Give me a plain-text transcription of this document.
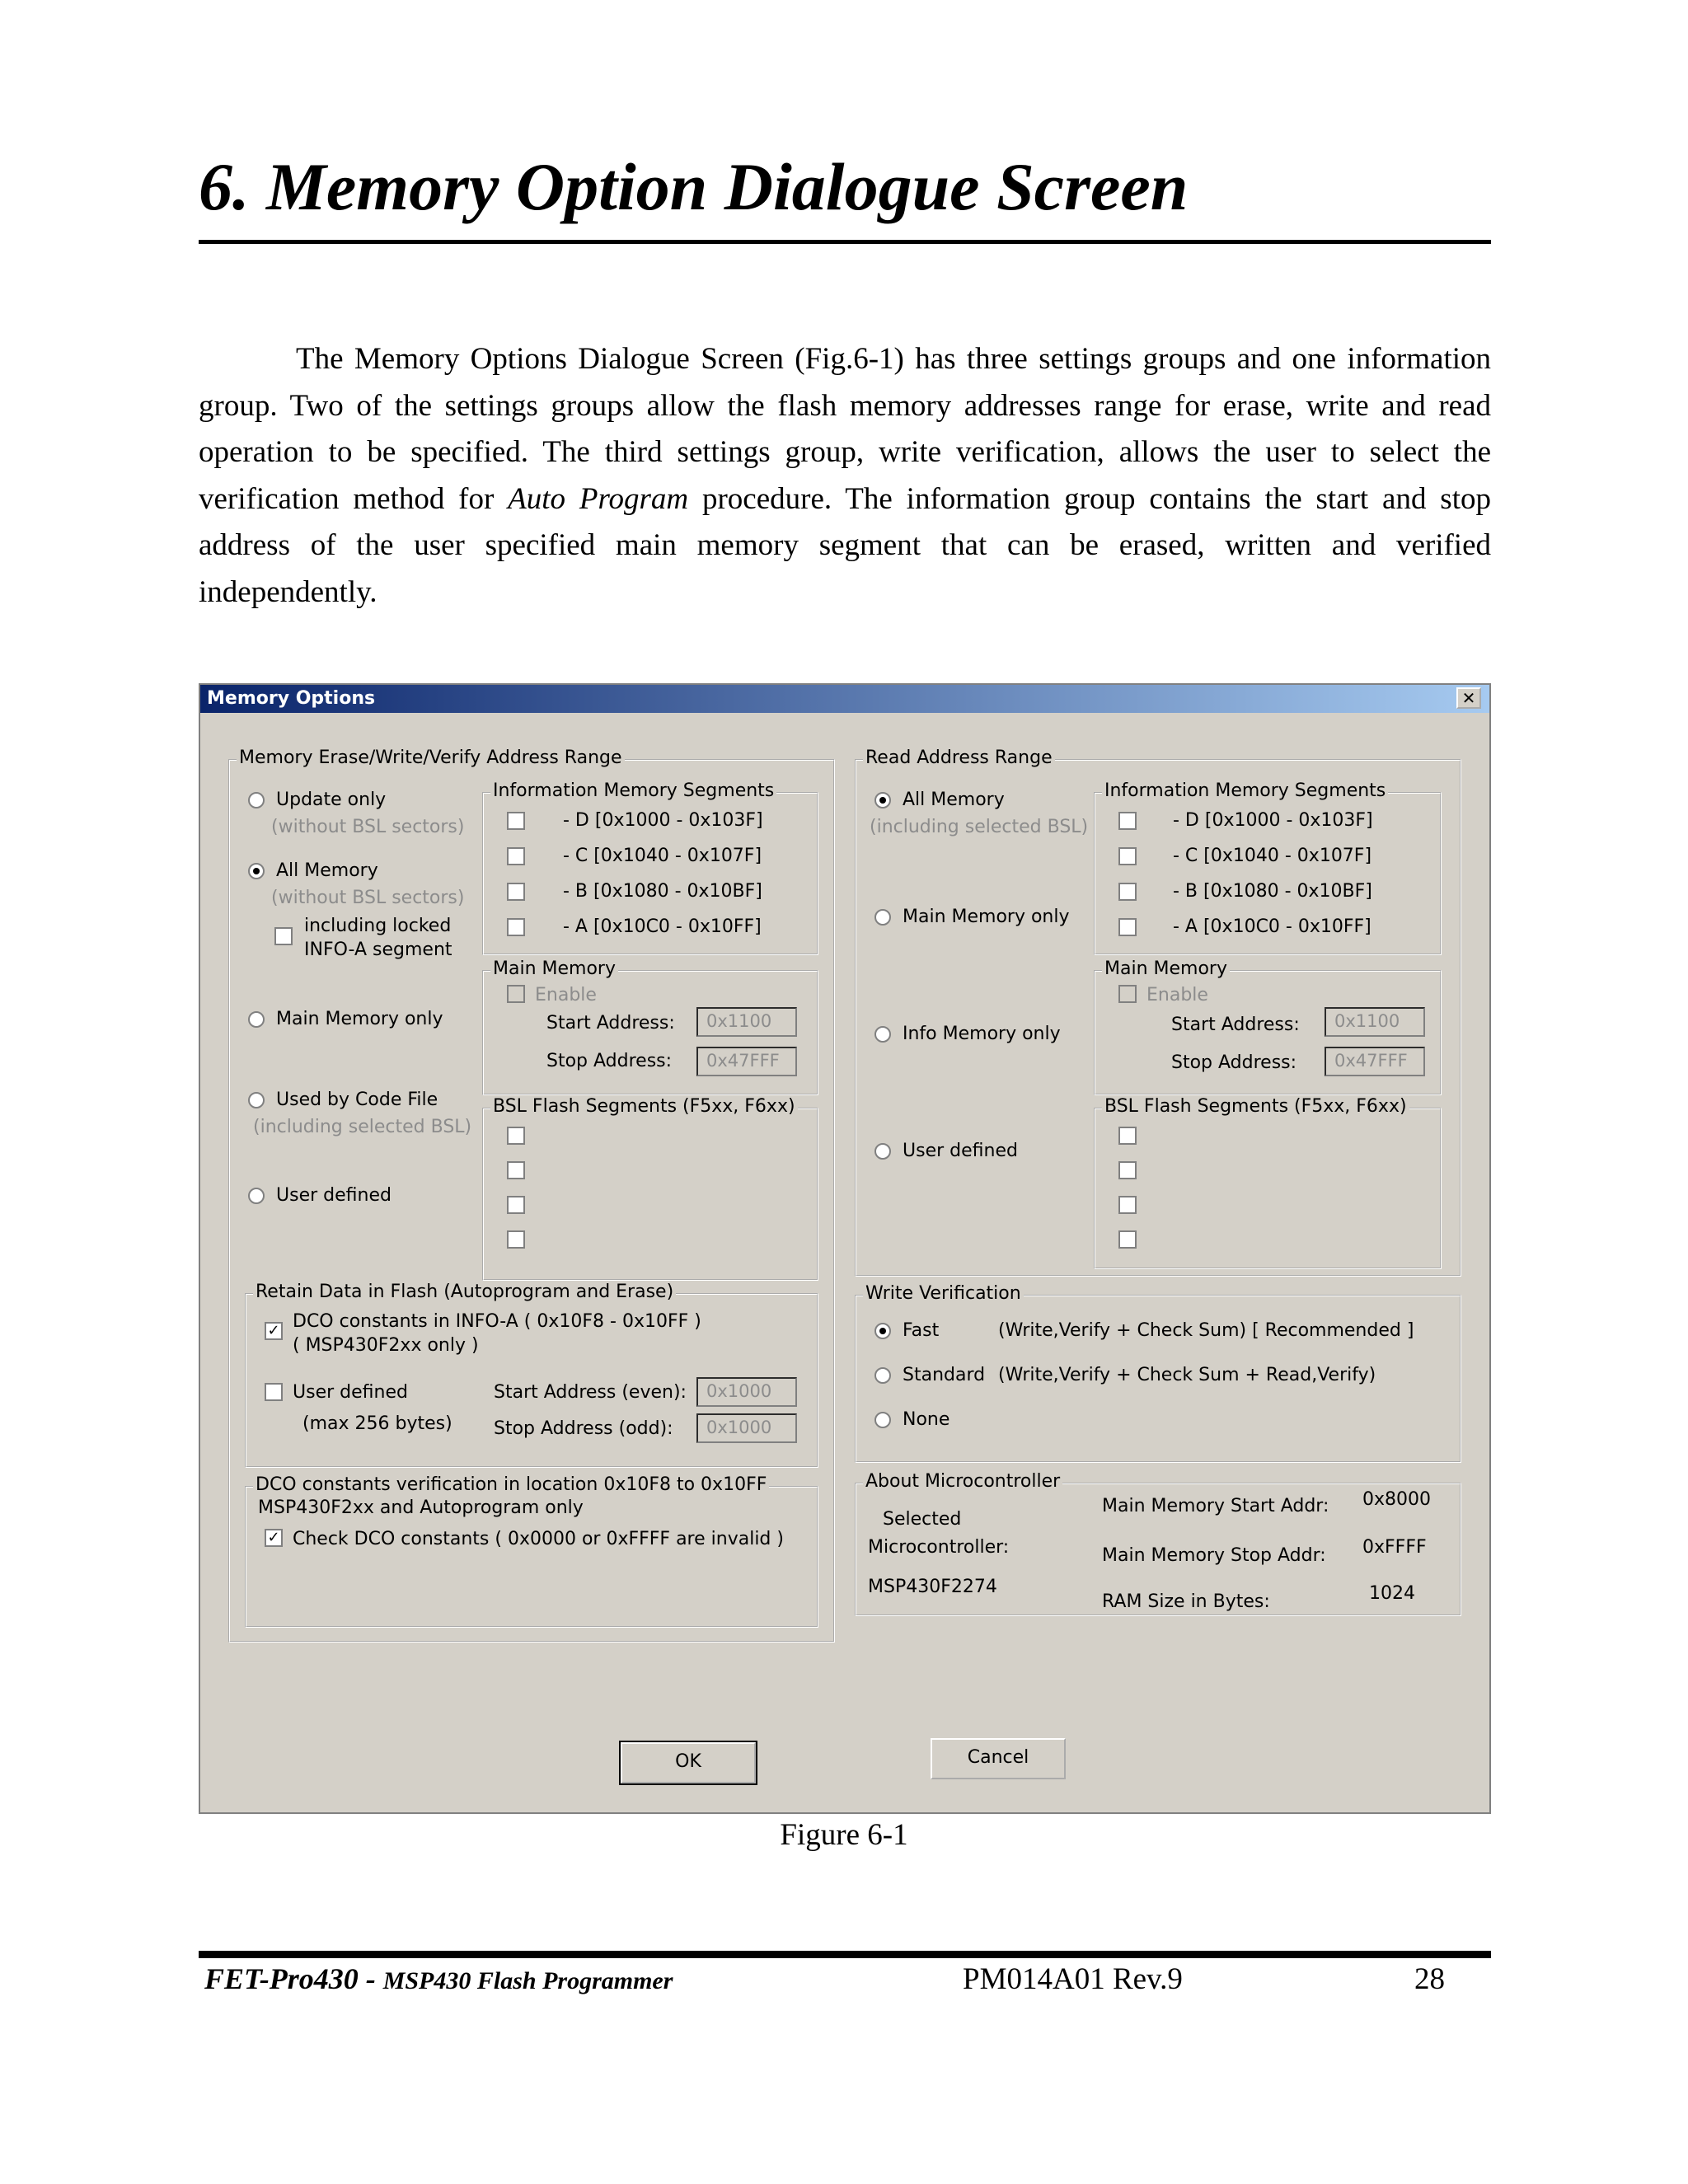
6. Memory Option Dialogue Screen

The Memory Options Dialogue Screen (Fig.6-1) has three settings groups and one information group. Two of the settings groups allow the flash memory addresses range for erase, write and read operation to be specified. The third settings group, write verification, allows the user to select the verification method for Auto Program procedure. The information group contains the start and stop address of the user specified main memory segment that can be erased, written and verified independently.

Memory Options	✕
Memory Erase/Write/Verify Address Range
Update only
(without BSL sectors)
All Memory
(without BSL sectors)
including locked
INFO-A segment
Main Memory only
Used by Code File
(including selected BSL)
User defined
Information Memory Segments
- D [0x1000 - 0x103F]
- C [0x1040 - 0x107F]
- B [0x1080 - 0x10BF]
- A [0x10C0 - 0x10FF]
Main Memory
Enable
Start Address:	0x1100
Stop Address:	0x47FFF
BSL Flash Segments (F5xx, F6xx)
Retain Data in Flash (Autoprogram and Erase)
✓ DCO constants in INFO-A ( 0x10F8 - 0x10FF )
( MSP430F2xx only )
User defined
(max 256 bytes)
Start Address (even):	0x1000
Stop Address (odd):	0x1000
DCO constants verification in location 0x10F8 to 0x10FF
MSP430F2xx and Autoprogram only
✓ Check DCO constants ( 0x0000 or 0xFFFF are invalid )
Read Address Range
All Memory
(including selected BSL)
Main Memory only
Info Memory only
User defined
Information Memory Segments
- D [0x1000 - 0x103F]
- C [0x1040 - 0x107F]
- B [0x1080 - 0x10BF]
- A [0x10C0 - 0x10FF]
Main Memory
Enable
Start Address:	0x1100
Stop Address:	0x47FFF
BSL Flash Segments (F5xx, F6xx)
Write Verification
Fast	(Write,Verify + Check Sum) [ Recommended ]
Standard (Write,Verify + Check Sum + Read,Verify)
None
About Microcontroller
Selected
Microcontroller:
MSP430F2274
Main Memory Start Addr: 0x8000
Main Memory Stop Addr: 0xFFFF
RAM Size in Bytes:	1024
OK	Cancel
Figure 6-1
FET-Pro430 - MSP430 Flash Programmer	PM014A01 Rev.9	28
